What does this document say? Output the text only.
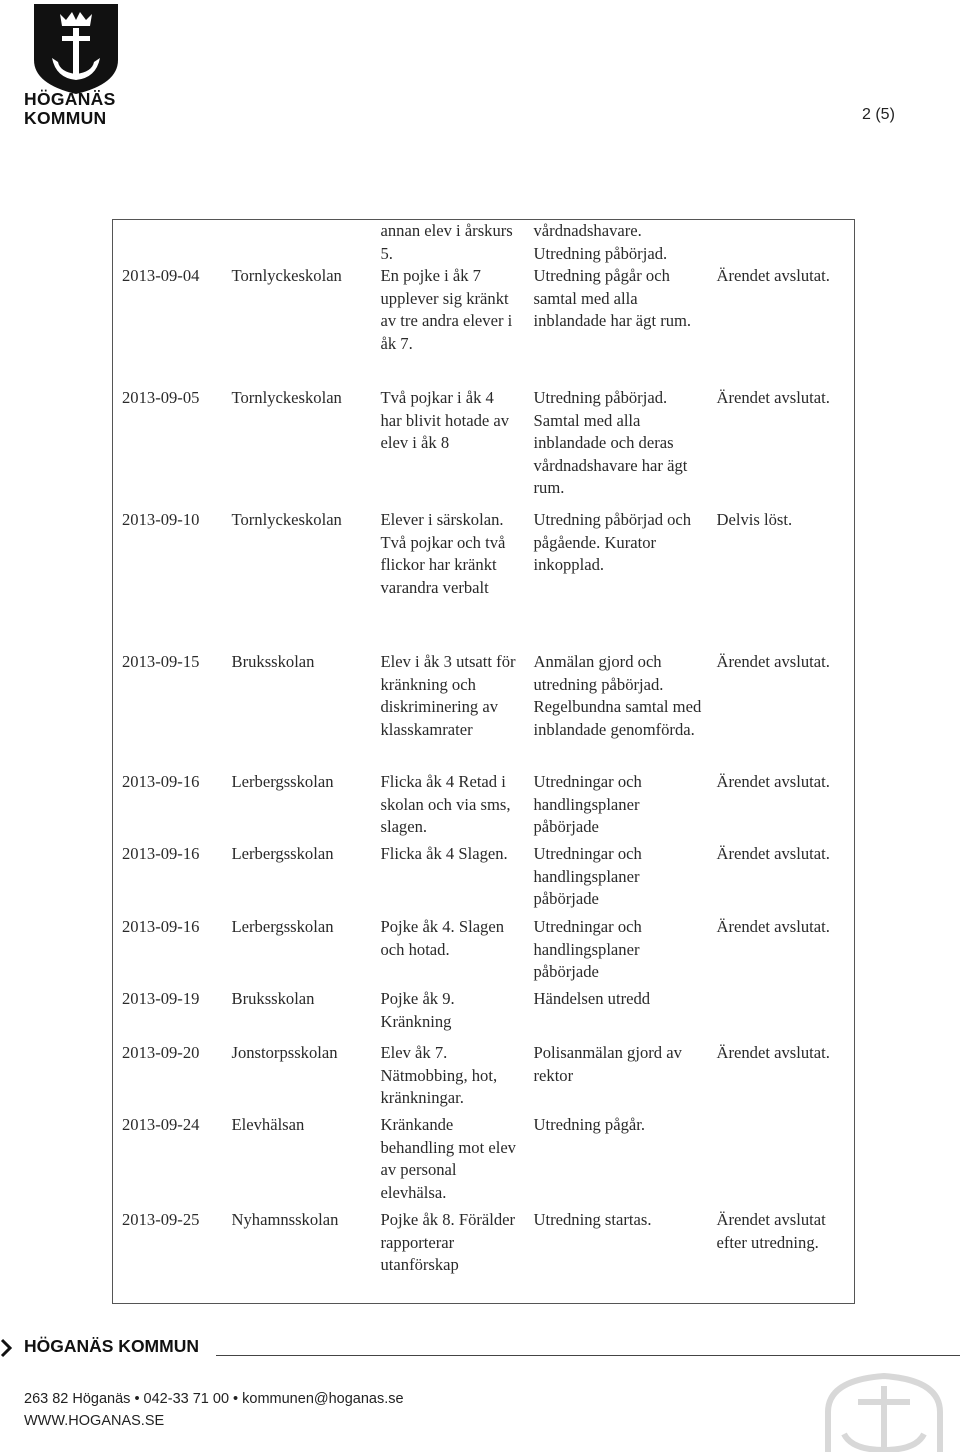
HÖGANÄS KOMMUN	2 (5)
		annan elev i årskurs 5.	vårdnadshavare. Utredning påbörjad.	
2013-09-04	Tornlyckeskolan	En pojke i åk 7 upplever sig kränkt av tre andra elever i åk 7.	Utredning pågår och samtal med alla inblandade har ägt rum.	Ärendet avslutat.
2013-09-05	Tornlyckeskolan	Två pojkar i åk 4 har blivit hotade av elev i åk 8	Utredning påbörjad. Samtal med alla inblandade och deras vårdnadshavare har ägt rum.	Ärendet avslutat.
2013-09-10	Tornlyckeskolan	Elever i särskolan. Två pojkar och två flickor har kränkt varandra verbalt	Utredning påbörjad och pågående. Kurator inkopplad.	Delvis löst.
2013-09-15	Bruksskolan	Elev i åk 3 utsatt för kränkning och diskriminering av klasskamrater	Anmälan gjord och utredning påbörjad. Regelbundna samtal med inblandade genomförda.	Ärendet avslutat.
2013-09-16	Lerbergsskolan	Flicka åk 4 Retad i skolan och via sms, slagen.	Utredningar och handlingsplaner påbörjade	Ärendet avslutat.
2013-09-16	Lerbergsskolan	Flicka åk 4 Slagen.	Utredningar och handlingsplaner påbörjade	Ärendet avslutat.
2013-09-16	Lerbergsskolan	Pojke åk 4. Slagen och hotad.	Utredningar och handlingsplaner påbörjade	Ärendet avslutat.
2013-09-19	Bruksskolan	Pojke åk 9. Kränkning	Händelsen utredd	
2013-09-20	Jonstorpsskolan	Elev åk 7. Nätmobbing, hot, kränkningar.	Polisanmälan gjord av rektor	Ärendet avslutat.
2013-09-24	Elevhälsan	Kränkande behandling mot elev av personal elevhälsa.	Utredning pågår.	
2013-09-25	Nyhamnsskolan	Pojke åk 8. Förälder rapporterar utanförskap	Utredning startas.	Ärendet avslutat efter utredning.
HÖGANÄS KOMMUN
263 82 Höganäs • 042-33 71 00 • kommunen@hoganas.se
WWW.HOGANAS.SE
